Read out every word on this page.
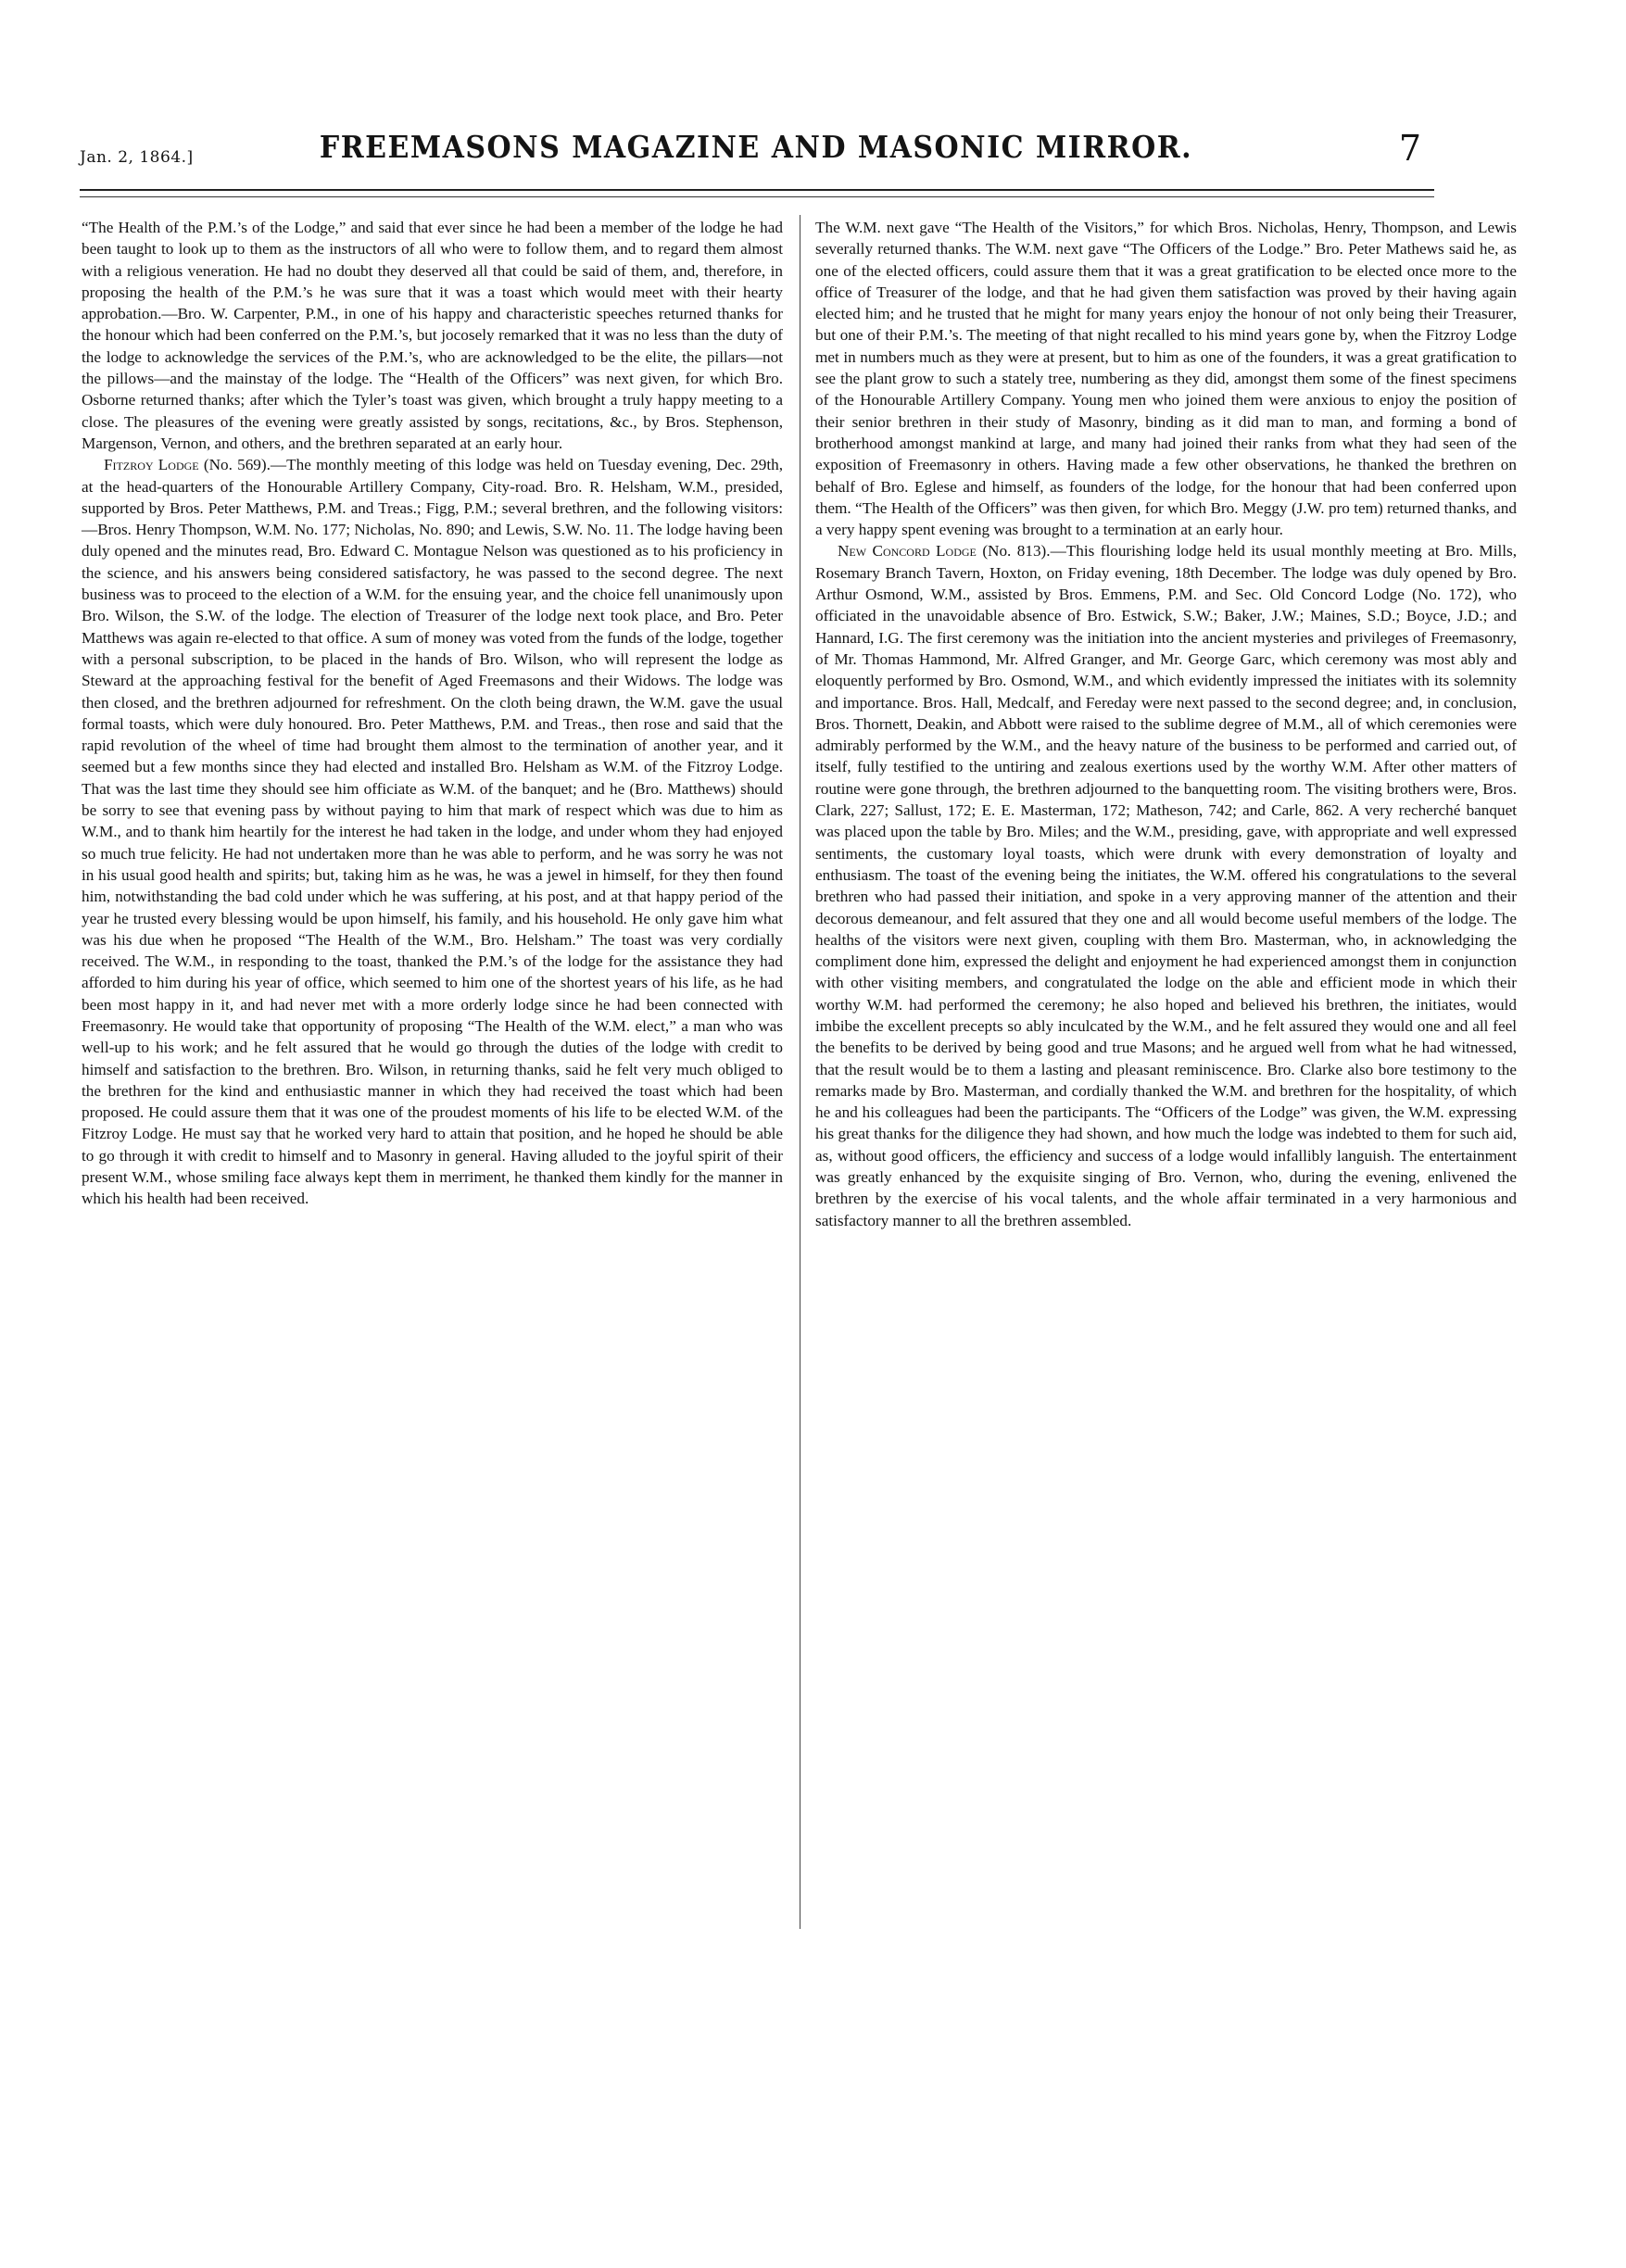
Jan. 2, 1864.]	FREEMASONS MAGAZINE AND MASONIC MIRROR.	7

“The Health of the P.M.’s of the Lodge,” and said that ever since he had been a member of the lodge he had been taught to look up to them as the instructors of all who were to follow them, and to regard them almost with a religious veneration. He had no doubt they deserved all that could be said of them, and, therefore, in proposing the health of the P.M.’s he was sure that it was a toast which would meet with their hearty approbation.—Bro. W. Carpenter, P.M., in one of his happy and characteristic speeches returned thanks for the honour which had been conferred on the P.M.’s, but jocosely remarked that it was no less than the duty of the lodge to acknowledge the services of the P.M.’s, who are acknowledged to be the elite, the pillars—not the pillows—and the mainstay of the lodge. The “Health of the Officers” was next given, for which Bro. Osborne returned thanks; after which the Tyler’s toast was given, which brought a truly happy meeting to a close. The pleasures of the evening were greatly assisted by songs, recitations, &c., by Bros. Stephenson, Margenson, Vernon, and others, and the brethren separated at an early hour.

Fitzroy Lodge (No. 569).—The monthly meeting of this lodge was held on Tuesday evening, Dec. 29th, at the head-quarters of the Honourable Artillery Company, City-road. Bro. R. Helsham, W.M., presided, supported by Bros. Peter Matthews, P.M. and Treas.; Figg, P.M.; several brethren, and the following visitors:—Bros. Henry Thompson, W.M. No. 177; Nicholas, No. 890; and Lewis, S.W. No. 11. The lodge having been duly opened and the minutes read, Bro. Edward C. Montague Nelson was questioned as to his proficiency in the science, and his answers being considered satisfactory, he was passed to the second degree. The next business was to proceed to the election of a W.M. for the ensuing year, and the choice fell unanimously upon Bro. Wilson, the S.W. of the lodge. The election of Treasurer of the lodge next took place, and Bro. Peter Matthews was again re-elected to that office. A sum of money was voted from the funds of the lodge, together with a personal subscription, to be placed in the hands of Bro. Wilson, who will represent the lodge as Steward at the approaching festival for the benefit of Aged Freemasons and their Widows. The lodge was then closed, and the brethren adjourned for refreshment. On the cloth being drawn, the W.M. gave the usual formal toasts, which were duly honoured. Bro. Peter Matthews, P.M. and Treas., then rose and said that the rapid revolution of the wheel of time had brought them almost to the termination of another year, and it seemed but a few months since they had elected and installed Bro. Helsham as W.M. of the Fitzroy Lodge. That was the last time they should see him officiate as W.M. of the banquet; and he (Bro. Matthews) should be sorry to see that evening pass by without paying to him that mark of respect which was due to him as W.M., and to thank him heartily for the interest he had taken in the lodge, and under whom they had enjoyed so much true felicity. He had not undertaken more than he was able to perform, and he was sorry he was not in his usual good health and spirits; but, taking him as he was, he was a jewel in himself, for they then found him, notwithstanding the bad cold under which he was suffering, at his post, and at that happy period of the year he trusted every blessing would be upon himself, his family, and his household. He only gave him what was his due when he proposed “The Health of the W.M., Bro. Helsham.” The toast was very cordially received. The W.M., in responding to the toast, thanked the P.M.’s of the lodge for the assistance they had afforded to him during his year of office, which seemed to him one of the shortest years of his life, as he had been most happy in it, and had never met with a more orderly lodge since he had been connected with Freemasonry. He would take that opportunity of proposing “The Health of the W.M. elect,” a man who was well-up to his work; and he felt assured that he would go through the duties of the lodge with credit to himself and satisfaction to the brethren. Bro. Wilson, in returning thanks, said he felt very much obliged to the brethren for the kind and enthusiastic manner in which they had received the toast which had been proposed. He could assure them that it was one of the proudest moments of his life to be elected W.M. of the Fitzroy Lodge. He must say that he worked very hard to attain that position, and he hoped he should be able to go through it with credit to himself and to Masonry in general. Having alluded to the joyful spirit of their present W.M., whose smiling face always kept them in merriment, he thanked them kindly for the manner in which his health had been received.

The W.M. next gave “The Health of the Visitors,” for which Bros. Nicholas, Henry, Thompson, and Lewis severally returned thanks. The W.M. next gave “The Officers of the Lodge.” Bro. Peter Mathews said he, as one of the elected officers, could assure them that it was a great gratification to be elected once more to the office of Treasurer of the lodge, and that he had given them satisfaction was proved by their having again elected him; and he trusted that he might for many years enjoy the honour of not only being their Treasurer, but one of their P.M.’s. The meeting of that night recalled to his mind years gone by, when the Fitzroy Lodge met in numbers much as they were at present, but to him as one of the founders, it was a great gratification to see the plant grow to such a stately tree, numbering as they did, amongst them some of the finest specimens of the Honourable Artillery Company. Young men who joined them were anxious to enjoy the position of their senior brethren in their study of Masonry, binding as it did man to man, and forming a bond of brotherhood amongst mankind at large, and many had joined their ranks from what they had seen of the exposition of Freemasonry in others. Having made a few other observations, he thanked the brethren on behalf of Bro. Eglese and himself, as founders of the lodge, for the honour that had been conferred upon them. “The Health of the Officers” was then given, for which Bro. Meggy (J.W. pro tem) returned thanks, and a very happy spent evening was brought to a termination at an early hour.

New Concord Lodge (No. 813).—This flourishing lodge held its usual monthly meeting at Bro. Mills, Rosemary Branch Tavern, Hoxton, on Friday evening, 18th December. The lodge was duly opened by Bro. Arthur Osmond, W.M., assisted by Bros. Emmens, P.M. and Sec. Old Concord Lodge (No. 172), who officiated in the unavoidable absence of Bro. Estwick, S.W.; Baker, J.W.; Maines, S.D.; Boyce, J.D.; and Hannard, I.G. The first ceremony was the initiation into the ancient mysteries and privileges of Freemasonry, of Mr. Thomas Hammond, Mr. Alfred Granger, and Mr. George Garc, which ceremony was most ably and eloquently performed by Bro. Osmond, W.M., and which evidently impressed the initiates with its solemnity and importance. Bros. Hall, Medcalf, and Fereday were next passed to the second degree; and, in conclusion, Bros. Thornett, Deakin, and Abbott were raised to the sublime degree of M.M., all of which ceremonies were admirably performed by the W.M., and the heavy nature of the business to be performed and carried out, of itself, fully testified to the untiring and zealous exertions used by the worthy W.M. After other matters of routine were gone through, the brethren adjourned to the banquetting room. The visiting brothers were, Bros. Clark, 227; Sallust, 172; E. E. Masterman, 172; Matheson, 742; and Carle, 862. A very recherché banquet was placed upon the table by Bro. Miles; and the W.M., presiding, gave, with appropriate and well expressed sentiments, the customary loyal toasts, which were drunk with every demonstration of loyalty and enthusiasm. The toast of the evening being the initiates, the W.M. offered his congratulations to the several brethren who had passed their initiation, and spoke in a very approving manner of the attention and their decorous demeanour, and felt assured that they one and all would become useful members of the lodge. The healths of the visitors were next given, coupling with them Bro. Masterman, who, in acknowledging the compliment done him, expressed the delight and enjoyment he had experienced amongst them in conjunction with other visiting members, and congratulated the lodge on the able and efficient mode in which their worthy W.M. had performed the ceremony; he also hoped and believed his brethren, the initiates, would imbibe the excellent precepts so ably inculcated by the W.M., and he felt assured they would one and all feel the benefits to be derived by being good and true Masons; and he argued well from what he had witnessed, that the result would be to them a lasting and pleasant reminiscence. Bro. Clarke also bore testimony to the remarks made by Bro. Masterman, and cordially thanked the W.M. and brethren for the hospitality, of which he and his colleagues had been the participants. The “Officers of the Lodge” was given, the W.M. expressing his great thanks for the diligence they had shown, and how much the lodge was indebted to them for such aid, as, without good officers, the efficiency and success of a lodge would infallibly languish. The entertainment was greatly enhanced by the exquisite singing of Bro. Vernon, who, during the evening, enlivened the brethren by the exercise of his vocal talents, and the whole affair terminated in a very harmonious and satisfactory manner to all the brethren assembled.
